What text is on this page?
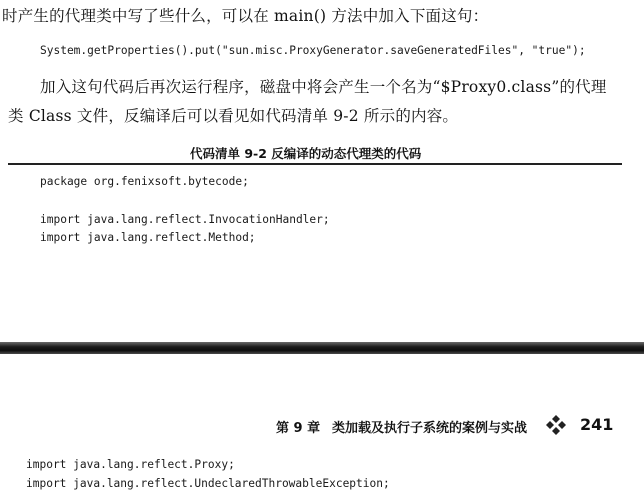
时产生的代理类中写了些什么，可以在 main() 方法中加入下面这句：
System.getProperties().put("sun.misc.ProxyGenerator.saveGeneratedFiles", "true");
加入这句代码后再次运行程序，磁盘中将会产生一个名为“$Proxy0.class”的代理
类 Class 文件，反编译后可以看见如代码清单 9-2 所示的内容。
代码清单 9-2 反编译的动态代理类的代码
package org.fenixsoft.bytecode;
import java.lang.reflect.InvocationHandler;
import java.lang.reflect.Method;
第 9 章 类加载及执行子系统的案例与实战	241
import java.lang.reflect.Proxy;
import java.lang.reflect.UndeclaredThrowableException;
